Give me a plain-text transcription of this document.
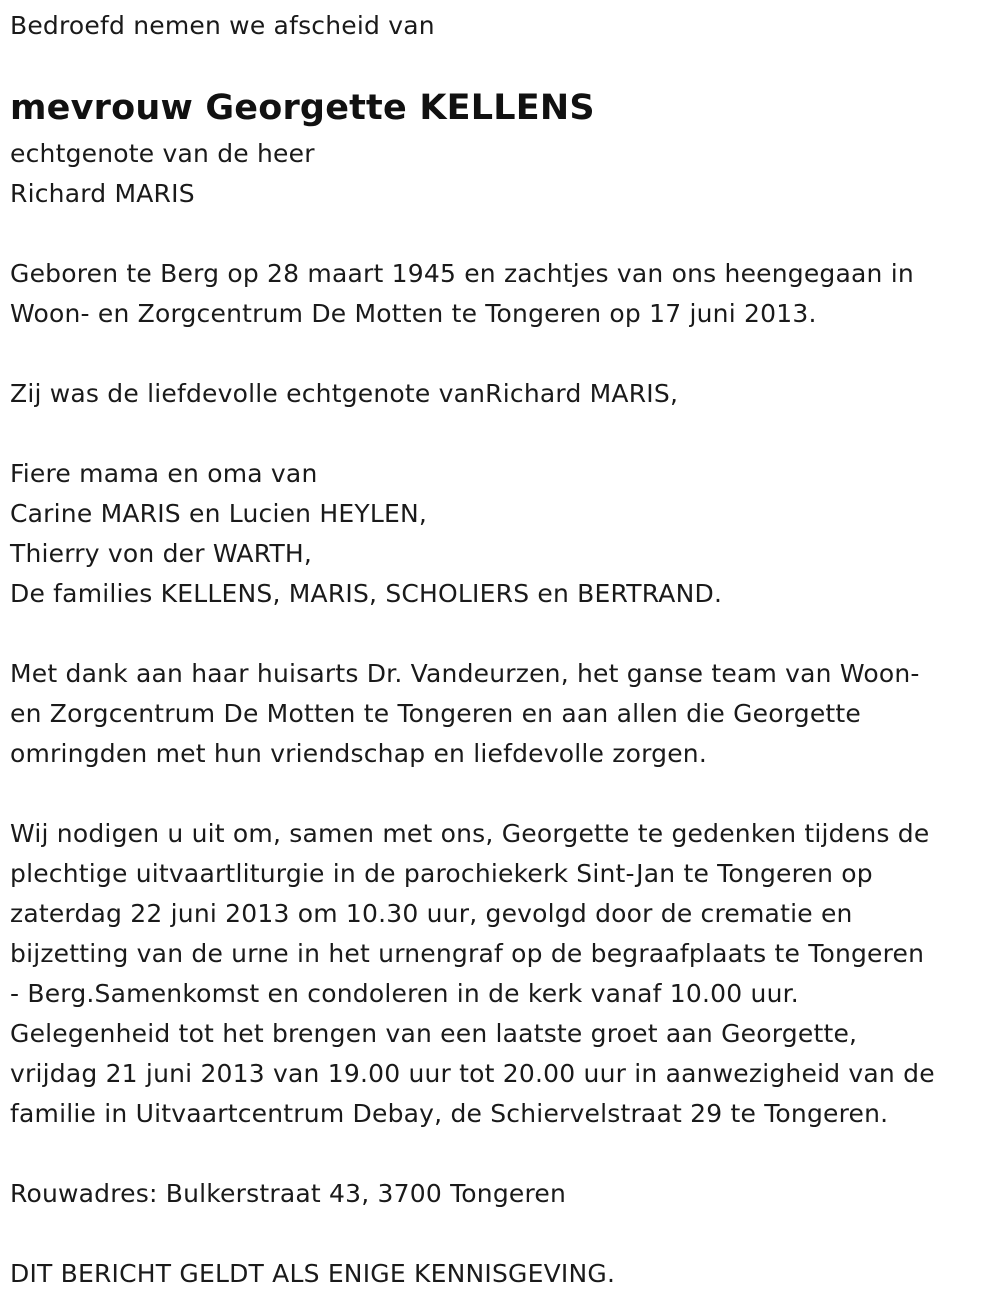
Bedroefd nemen we afscheid van
mevrouw Georgette KELLENS
echtgenote van de heer
Richard MARIS
Geboren te Berg op 28 maart 1945 en zachtjes van ons heengegaan in
Woon- en Zorgcentrum De Motten te Tongeren op 17 juni 2013.
Zij was de liefdevolle echtgenote vanRichard MARIS,
Fiere mama en oma van
Carine MARIS en Lucien HEYLEN,
Thierry von der WARTH,
De families KELLENS, MARIS, SCHOLIERS en BERTRAND.
Met dank aan haar huisarts Dr. Vandeurzen, het ganse team van Woon-
en Zorgcentrum De Motten te Tongeren en aan allen die Georgette
omringden met hun vriendschap en liefdevolle zorgen.
Wij nodigen u uit om, samen met ons, Georgette te gedenken tijdens de
plechtige uitvaartliturgie in de parochiekerk Sint-Jan te Tongeren op
zaterdag 22 juni 2013 om 10.30 uur, gevolgd door de crematie en
bijzetting van de urne in het urnengraf op de begraafplaats te Tongeren
- Berg.Samenkomst en condoleren in de kerk vanaf 10.00 uur.
Gelegenheid tot het brengen van een laatste groet aan Georgette,
vrijdag 21 juni 2013 van 19.00 uur tot 20.00 uur in aanwezigheid van de
familie in Uitvaartcentrum Debay, de Schiervelstraat 29 te Tongeren.
Rouwadres: Bulkerstraat 43, 3700 Tongeren
DIT BERICHT GELDT ALS ENIGE KENNISGEVING.
